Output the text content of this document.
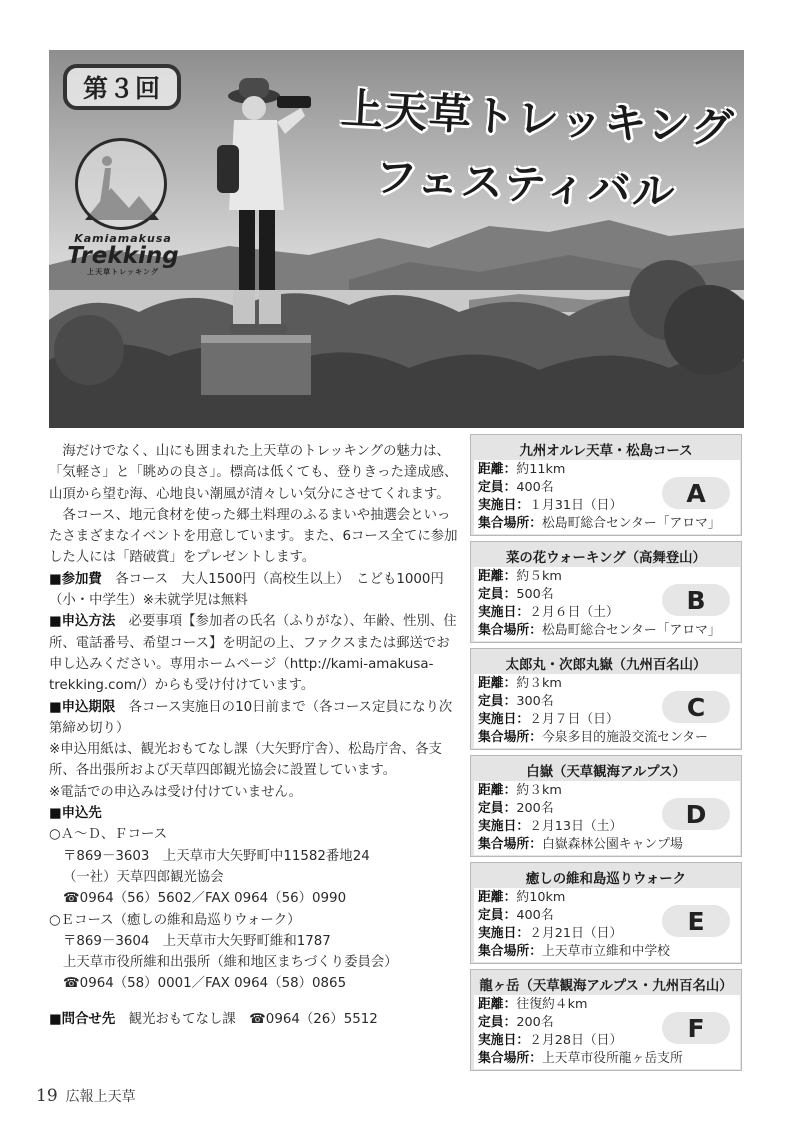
第３回	上天草トレッキング
フェスティバル
Kamiamakusa
Trekking
上天草トレッキング

海だけでなく、山にも囲まれた上天草のトレッキングの魅力は、「気軽さ」と「眺めの良さ」。標高は低くても、登りきった達成感、山頂から望む海、心地良い潮風が清々しい気分にさせてくれます。

各コース、地元食材を使った郷土料理のふるまいや抽選会といったさまざまなイベントを用意しています。また、6コース全てに参加した人には「踏破賞」をプレゼントします。

■参加費　 各コース　大人1500円（高校生以上）　こども1000円（小・中学生）※未就学児は無料

■申込方法　 必要事項【参加者の氏名（ふりがな）、年齢、性別、住所、電話番号、希望コース】を明記の上、ファクスまたは郵送でお申し込みください。専用ホームページ（http://kami-amakusa-trekking.com/）からも受け付けています。

■申込期限　 各コース実施日の10日前まで（各コース定員になり次第締め切り）

※申込用紙は、観光おもてなし課（大矢野庁舎）、松島庁舎、各支所、各出張所および天草四郎観光協会に設置しています。

※電話での申込みは受け付けていません。

■申込先

○Ａ～Ｄ、Ｆコース

〒869－3603　上天草市大矢野町中11582番地24

（一社）天草四郎観光協会

☎0964（56）5602／FAX 0964（56）0990

○Ｅコース（癒しの維和島巡りウォーク）

〒869－3604　上天草市大矢野町維和1787

上天草市役所維和出張所（維和地区まちづくり委員会）

☎0964（58）0001／FAX 0964（58）0865

■問合せ先　 観光おもてなし課　☎0964（26）5512

九州オルレ天草・松島コース
距離：約11km
定員：400名
実施日：１月31日（日）
集合場所：松島町総合センター「アロマ」
A
菜の花ウォーキング（高舞登山）
距離：約５km
定員：500名
実施日：２月６日（土）
集合場所：松島町総合センター「アロマ」
B
太郎丸・次郎丸嶽（九州百名山）
距離：約３km
定員：300名
実施日：２月７日（日）
集合場所：今泉多目的施設交流センター
C
白嶽（天草観海アルプス）
距離：約３km
定員：200名
実施日：２月13日（土）
集合場所：白嶽森林公園キャンプ場
D
癒しの維和島巡りウォーク
距離：約10km
定員：400名
実施日：２月21日（日）
集合場所：上天草市立維和中学校
E
龍ヶ岳（天草観海アルプス・九州百名山）
距離：往復約４km
定員：200名
実施日：２月28日（日）
集合場所：上天草市役所龍ヶ岳支所
F
19 広報上天草
